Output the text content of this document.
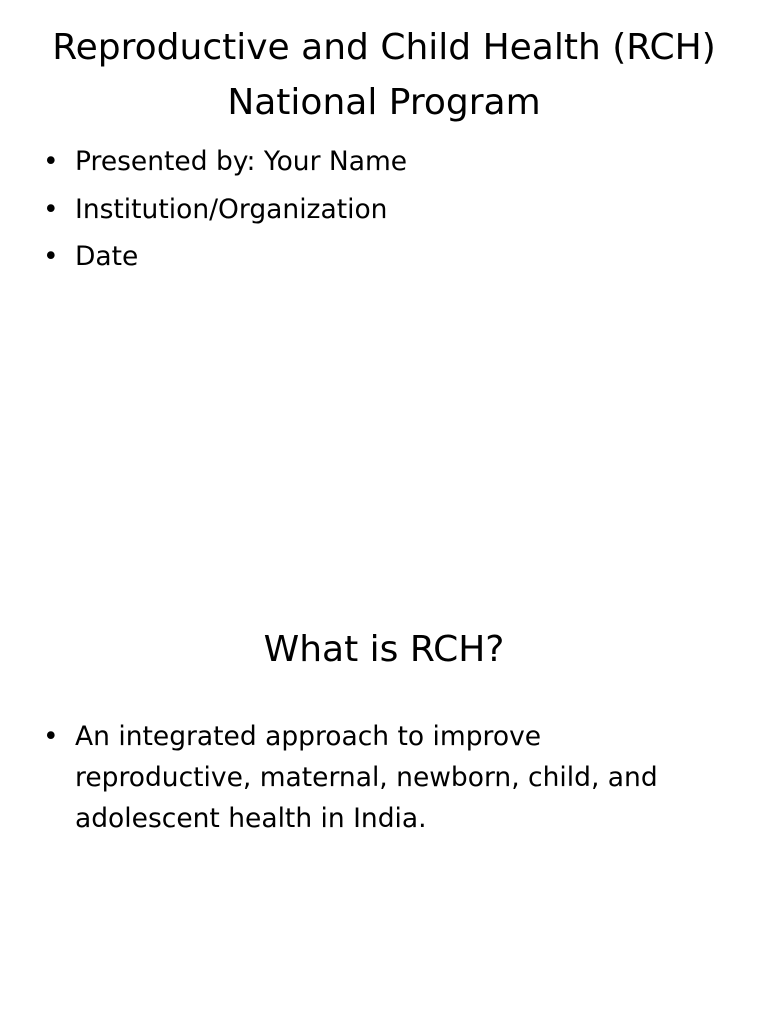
Reproductive and Child Health (RCH) National Program
• Presented by: Your Name
• Institution/Organization
• Date
What is RCH?
• An integrated approach to improve reproductive, maternal, newborn, child, and adolescent health in India.
